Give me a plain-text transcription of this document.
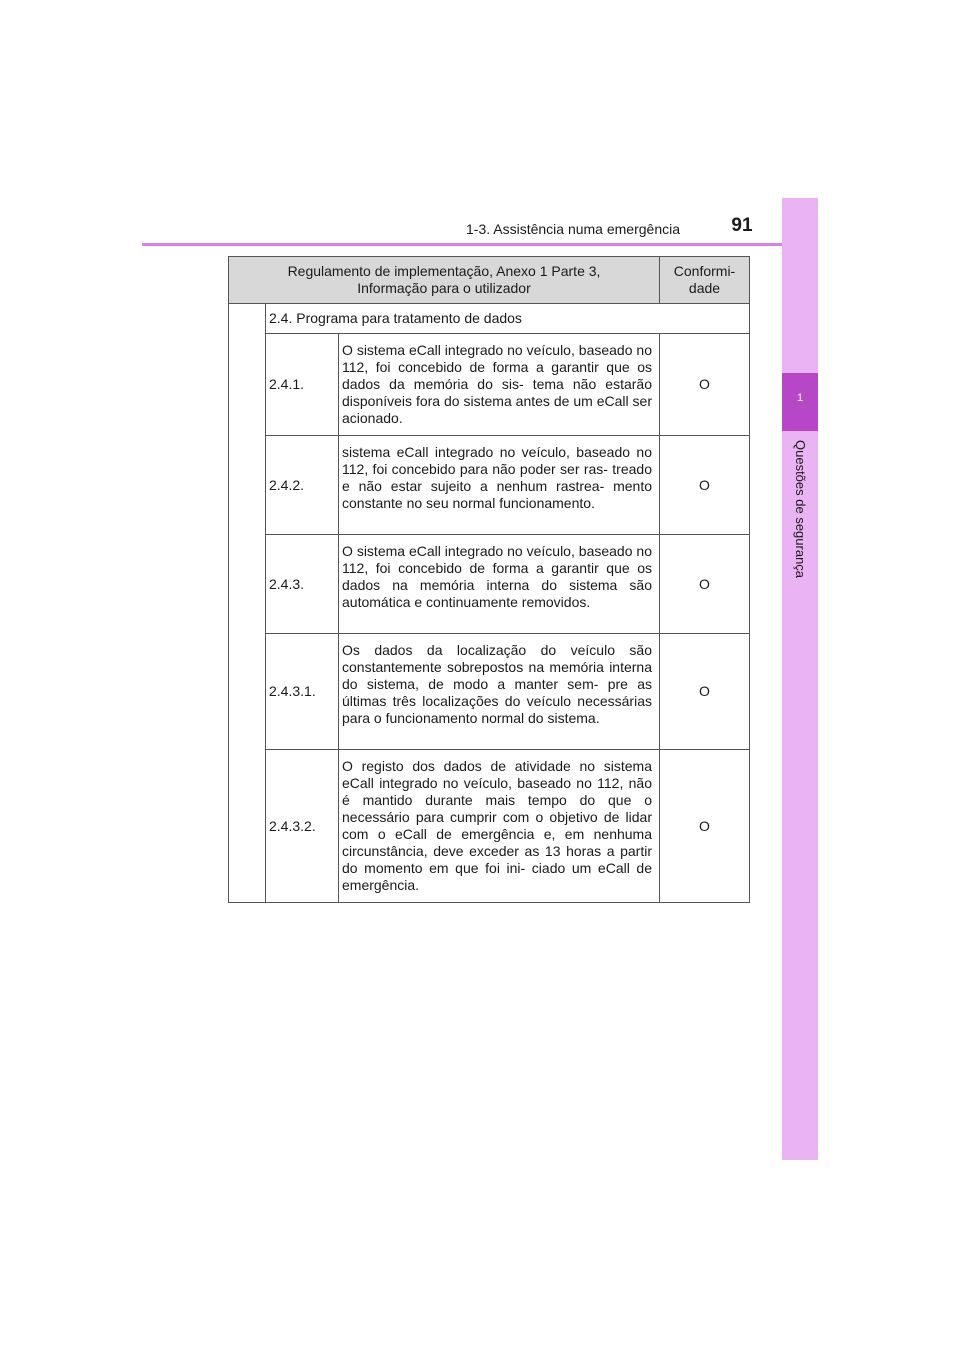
1-3. Assistência numa emergência	91
1
Questões de segurança
Regulamento de implementação, Anexo 1 Parte 3, Informação para o utilizador			Conformi- dade
	2.4. Programa para tratamento de dados		
	2.4.1.	O sistema eCall integrado no veículo, baseado no 112, foi concebido de forma a garantir que os dados da memória do sis- tema não estarão disponíveis fora do sistema antes de um eCall ser acionado.	O
	2.4.2.	sistema eCall integrado no veículo, baseado no 112, foi concebido para não poder ser ras- treado e não estar sujeito a nenhum rastrea- mento constante no seu normal funcionamento.	O
	2.4.3.	O sistema eCall integrado no veículo, baseado no 112, foi concebido de forma a garantir que os dados na memória interna do sistema são automática e continuamente removidos.	O
	2.4.3.1.	Os dados da localização do veículo são constantemente sobrepostos na memória interna do sistema, de modo a manter sem- pre as últimas três localizações do veículo necessárias para o funcionamento normal do sistema.	O
	2.4.3.2.	O registo dos dados de atividade no sistema eCall integrado no veículo, baseado no 112, não é mantido durante mais tempo do que o necessário para cumprir com o objetivo de lidar com o eCall de emergência e, em nenhuma circunstância, deve exceder as 13 horas a partir do momento em que foi ini- ciado um eCall de emergência.	O
